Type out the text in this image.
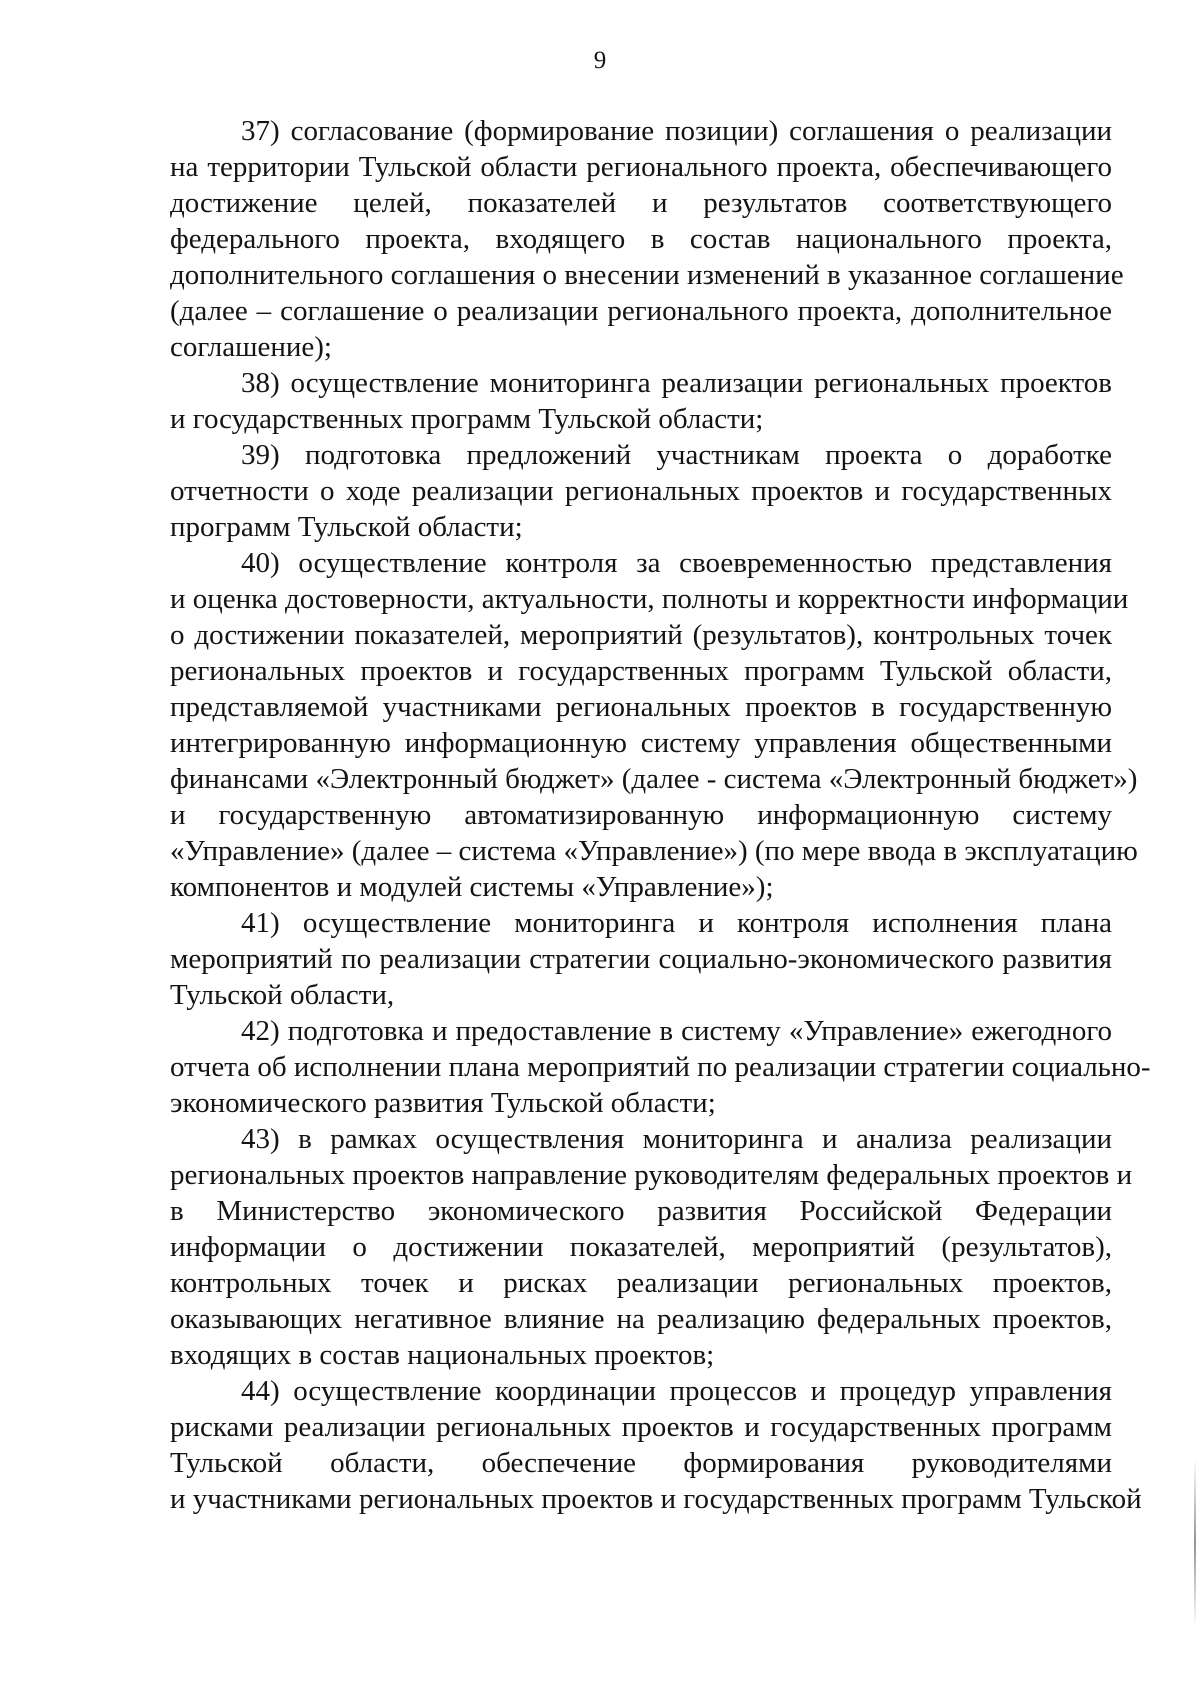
9
37) согласование (формирование позиции) соглашения о реализации
на территории Тульской области регионального проекта, обеспечивающего
достижение целей, показателей и результатов соответствующего
федерального проекта, входящего в состав национального проекта,
дополнительного соглашения о внесении изменений в указанное соглашение
(далее – соглашение о реализации регионального проекта, дополнительное
соглашение);
38) осуществление мониторинга реализации региональных проектов
и государственных программ Тульской области;
39) подготовка предложений участникам проекта о доработке
отчетности о ходе реализации региональных проектов и государственных
программ Тульской области;
40) осуществление контроля за своевременностью представления
и оценка достоверности, актуальности, полноты и корректности информации
о достижении показателей, мероприятий (результатов), контрольных точек
региональных проектов и государственных программ Тульской области,
представляемой участниками региональных проектов в государственную
интегрированную информационную систему управления общественными
финансами «Электронный бюджет» (далее - система «Электронный бюджет»)
и государственную автоматизированную информационную систему
«Управление» (далее – система «Управление») (по мере ввода в эксплуатацию
компонентов и модулей системы «Управление»);
41) осуществление мониторинга и контроля исполнения плана
мероприятий по реализации стратегии социально-экономического развития
Тульской области,
42) подготовка и предоставление в систему «Управление» ежегодного
отчета об исполнении плана мероприятий по реализации стратегии социально-
экономического развития Тульской области;
43) в рамках осуществления мониторинга и анализа реализации
региональных проектов направление руководителям федеральных проектов и
в Министерство экономического развития Российской Федерации
информации о достижении показателей, мероприятий (результатов),
контрольных точек и рисках реализации региональных проектов,
оказывающих негативное влияние на реализацию федеральных проектов,
входящих в состав национальных проектов;
44) осуществление координации процессов и процедур управления
рисками реализации региональных проектов и государственных программ
Тульской области, обеспечение формирования руководителями
и участниками региональных проектов и государственных программ Тульской
